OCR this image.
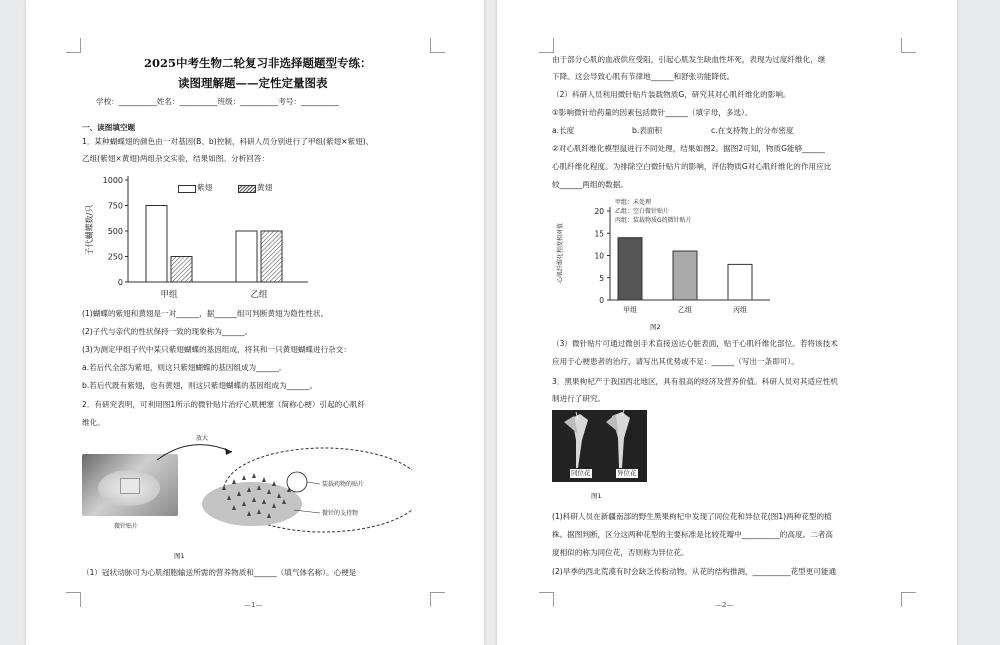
2025中考生物二轮复习非选择题题型专练：
读图理解题——定性定量图表
学校：__________姓名：__________班级：__________考号：__________
一、读图填空题
1．某种蝴蝶翅的颜色由一对基因(B、b)控制，科研人员分别进行了甲组(紫翅×紫翅)、
乙组(紫翅×黄翅)两组杂交实验，结果如图。分析回答：
0
250
500
750
1000
子代蝴蝶数/只
甲组	乙组
紫翅	黄翅
(1)蝴蝶的紫翅和黄翅是一对______，据______组可判断黄翅为隐性性状。
(2)子代与亲代的性状保持一致的现象称为______。
(3)为测定甲组子代中某只紫翅蝴蝶的基因组成，将其和一只黄翅蝴蝶进行杂交：
a.若后代全部为紫翅，则这只紫翅蝴蝶的基因组成为______。
b.若后代既有紫翅，也有黄翅，则这只紫翅蝴蝶的基因组成为______。
2．有研究表明，可利用图1所示的微针贴片治疗心肌梗塞（简称心梗）引起的心肌纤
维化。
放大
装载药物的贴片
微针的支持物
微针贴片
图1
（1）冠状动脉可为心肌细胞输送所需的营养物质和______（填气体名称）。心梗是
—1—
由于部分心肌的血液供应受阻，引起心肌发生缺血性坏死，表现为过度纤维化，继
下降。这会导致心肌有节律地______和舒张功能降低。
（2）科研人员利用微针贴片装载物质G，研究其对心肌纤维化的影响。
①影响微针给药量的因素包括微针______（填字母，多选）。
a.长度	b.表面积	c.在支持物上的分布密度
②对心肌纤维化模型鼠进行不同处理，结果如图2。据图2可知，物质G能够______
心肌纤维化程度。为排除空白微针贴片的影响，评估物质G对心肌纤维化的作用应比
较______两组的数据。
0
5
10
15
20
心肌纤维化程度相对值
甲组	乙组	丙组
甲组：未处理
乙组：空白微针贴片
丙组：装载物质G的微针贴片
图2
（3）微针贴片可通过微创手术直接送达心脏表面，贴于心肌纤维化部位。若将该技术
应用于心梗患者的治疗，请写出其优势或不足：______（写出一条即可）。
3．黑果枸杞产于我国西北地区，具有很高的经济及营养价值。科研人员对其适应性机
制进行了研究。
同位花	异位花
图1
(1)科研人员在新疆南部的野生黑果枸杞中发现了同位花和异位花(图1)两种花型的植
株。据图判断，区分这两种花型的主要标准是比较花瓣中__________的高度。二者高
度相似的称为同位花，否则称为异位花。
(2)旱季的西北荒漠有时会缺乏传粉动物。从花的结构推测，__________花型更可能通
—2—
